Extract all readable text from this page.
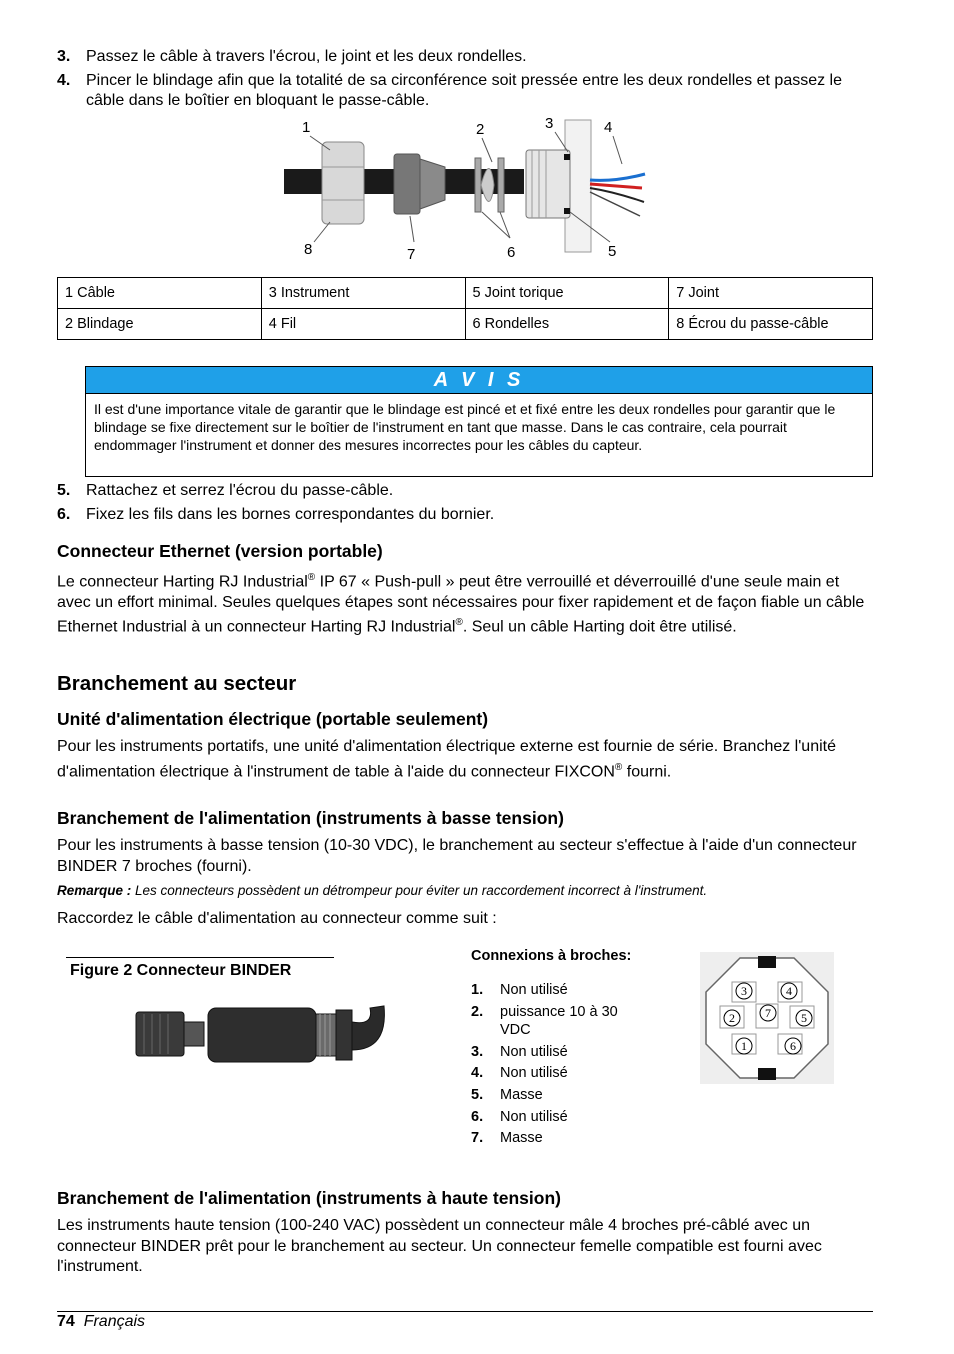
3. Passez le câble à travers l'écrou, le joint et les deux rondelles.
4. Pincer le blindage afin que la totalité de sa circonférence soit pressée entre les deux rondelles et passez le câble dans le boîtier en bloquant le passe-câble.
1	2	3	4
5
6
7
8
1 Câble	3 Instrument	5 Joint torique	7 Joint
2 Blindage	4 Fil	6 Rondelles	8 Écrou du passe-câble
A V I S
Il est d'une importance vitale de garantir que le blindage est pincé et et fixé entre les deux rondelles pour garantir que le blindage se fixe directement sur le boîtier de l'instrument en tant que masse. Dans le cas contraire, cela pourrait endommager l'instrument et donner des mesures incorrectes pour les câbles du capteur.
5. Rattachez et serrez l'écrou du passe-câble.
6. Fixez les fils dans les bornes correspondantes du bornier.
Connecteur Ethernet (version portable)
Le connecteur Harting RJ Industrial® IP 67 « Push-pull » peut être verrouillé et déverrouillé d'une seule main et avec un effort minimal. Seules quelques étapes sont nécessaires pour fixer rapidement et de façon fiable un câble Ethernet Industrial à un connecteur Harting RJ Industrial®. Seul un câble Harting doit être utilisé.
Branchement au secteur
Unité d'alimentation électrique (portable seulement)
Pour les instruments portatifs, une unité d'alimentation électrique externe est fournie de série. Branchez l'unité d'alimentation électrique à l'instrument de table à l'aide du connecteur FIXCON® fourni.
Branchement de l'alimentation (instruments à basse tension)
Pour les instruments à basse tension (10-30 VDC), le branchement au secteur s'effectue à l'aide d'un connecteur BINDER 7 broches (fourni).
Remarque : Les connecteurs possèdent un détrompeur pour éviter un raccordement incorrect à l'instrument.
Raccordez le câble d'alimentation au connecteur comme suit :
Figure 2 Connecteur BINDER
Connexions à broches:
1. Non utilisé
2. puissance 10 à 30 VDC
3. Non utilisé
4. Non utilisé
5. Masse
6. Non utilisé
7. Masse
1
2
3	4
5
6
7
Branchement de l'alimentation (instruments à haute tension)
Les instruments haute tension (100-240 VAC) possèdent un connecteur mâle 4 broches pré-câblé avec un connecteur BINDER prêt pour le branchement au secteur. Un connecteur femelle compatible est fourni avec l'instrument.
74 Français
